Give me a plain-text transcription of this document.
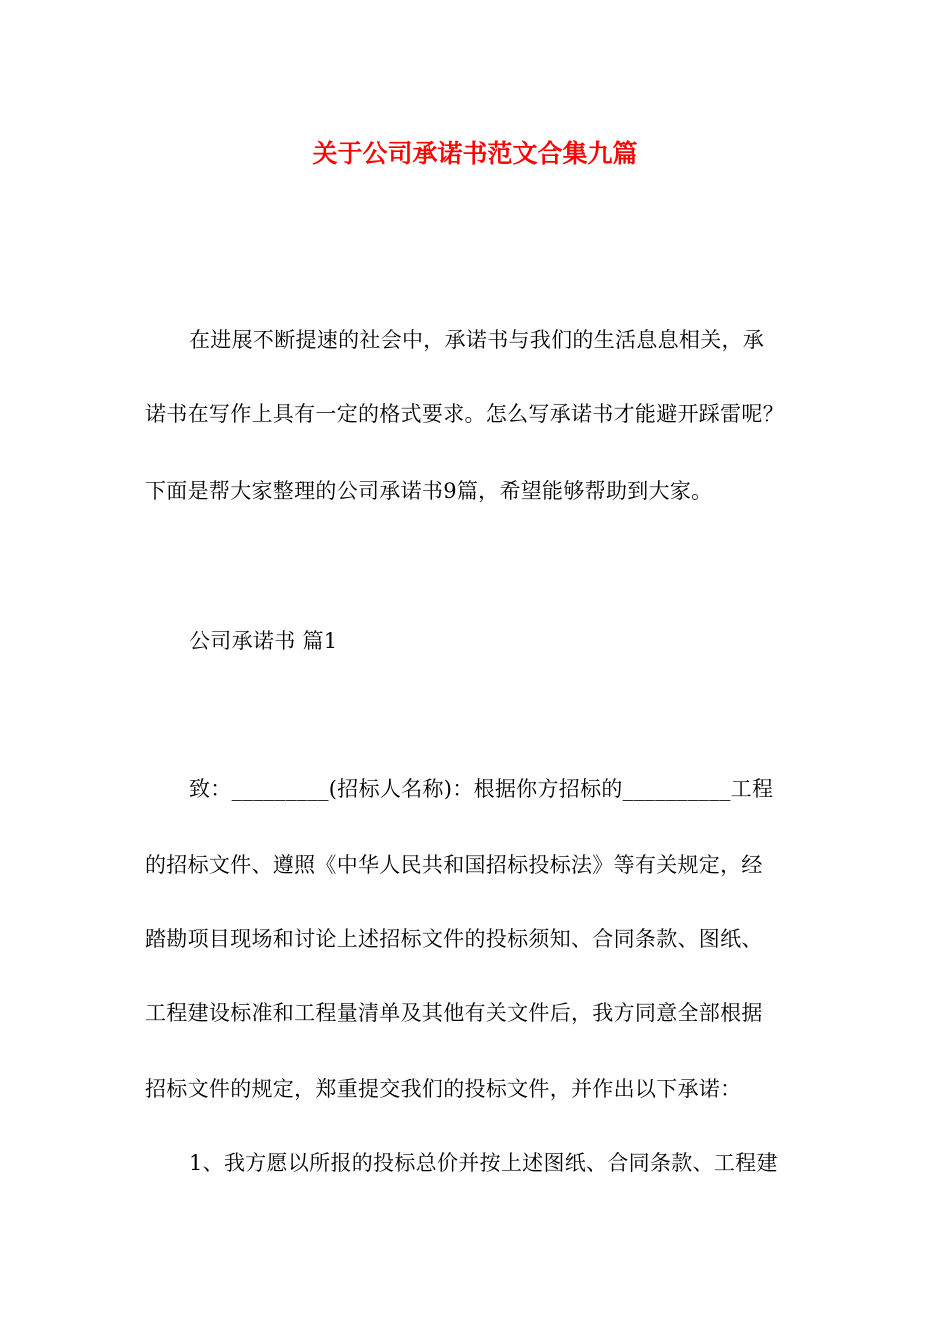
关于公司承诺书范文合集九篇
在进展不断提速的社会中，承诺书与我们的生活息息相关，承
诺书在写作上具有一定的格式要求。怎么写承诺书才能避开踩雷呢？
下面是帮大家整理的公司承诺书9篇，希望能够帮助到大家。
公司承诺书 篇1
致：_________(招标人名称)：根据你方招标的__________工程
的招标文件、遵照《中华人民共和国招标投标法》等有关规定，经
踏勘项目现场和讨论上述招标文件的投标须知、合同条款、图纸、
工程建设标准和工程量清单及其他有关文件后，我方同意全部根据
招标文件的规定，郑重提交我们的投标文件，并作出以下承诺：
1、我方愿以所报的投标总价并按上述图纸、合同条款、工程建
